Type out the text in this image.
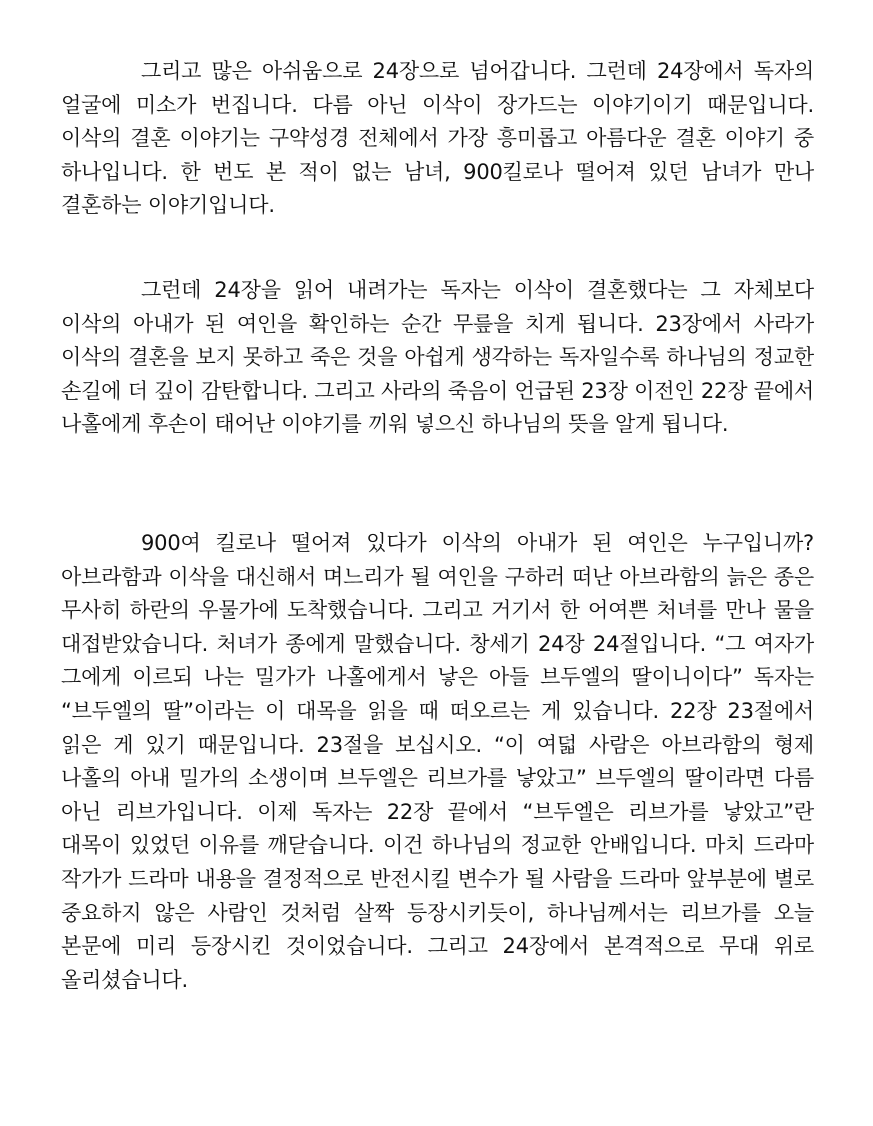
그리고 많은 아쉬움으로 24장으로 넘어갑니다. 그런데 24장에서 독자의 얼굴에 미소가 번집니다. 다름 아닌 이삭이 장가드는 이야기이기 때문입니다. 이삭의 결혼 이야기는 구약성경 전체에서 가장 흥미롭고 아름다운 결혼 이야기 중 하나입니다. 한 번도 본 적이 없는 남녀, 900킬로나 떨어져 있던 남녀가 만나 결혼하는 이야기입니다.

그런데 24장을 읽어 내려가는 독자는 이삭이 결혼했다는 그 자체보다 이삭의 아내가 된 여인을 확인하는 순간 무릎을 치게 됩니다. 23장에서 사라가 이삭의 결혼을 보지 못하고 죽은 것을 아쉽게 생각하는 독자일수록 하나님의 정교한 손길에 더 깊이 감탄합니다. 그리고 사라의 죽음이 언급된 23장 이전인 22장 끝에서 나홀에게 후손이 태어난 이야기를 끼워 넣으신 하나님의 뜻을 알게 됩니다.

900여 킬로나 떨어져 있다가 이삭의 아내가 된 여인은 누구입니까? 아브라함과 이삭을 대신해서 며느리가 될 여인을 구하러 떠난 아브라함의 늙은 종은 무사히 하란의 우물가에 도착했습니다. 그리고 거기서 한 어여쁜 처녀를 만나 물을 대접받았습니다. 처녀가 종에게 말했습니다. 창세기 24장 24절입니다. “그 여자가 그에게 이르되 나는 밀가가 나홀에게서 낳은 아들 브두엘의 딸이니이다” 독자는 “브두엘의 딸”이라는 이 대목을 읽을 때 떠오르는 게 있습니다. 22장 23절에서 읽은 게 있기 때문입니다. 23절을 보십시오. “이 여덟 사람은 아브라함의 형제 나홀의 아내 밀가의 소생이며 브두엘은 리브가를 낳았고” 브두엘의 딸이라면 다름 아닌 리브가입니다. 이제 독자는 22장 끝에서 “브두엘은 리브가를 낳았고”란 대목이 있었던 이유를 깨닫습니다. 이건 하나님의 정교한 안배입니다. 마치 드라마 작가가 드라마 내용을 결정적으로 반전시킬 변수가 될 사람을 드라마 앞부분에 별로 중요하지 않은 사람인 것처럼 살짝 등장시키듯이, 하나님께서는 리브가를 오늘 본문에 미리 등장시킨 것이었습니다. 그리고 24장에서 본격적으로 무대 위로 올리셨습니다.
